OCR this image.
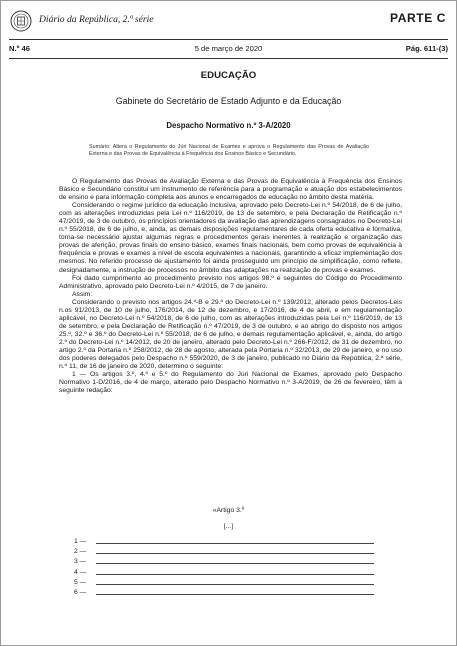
Diário da República, 2.ª série	PARTE C
N.º 46	5 de março de 2020	Pág. 611-(3)
EDUCAÇÃO
Gabinete do Secretário de Estado Adjunto e da Educação
Despacho Normativo n.º 3-A/2020
Sumário: Altera o Regulamento do Júri Nacional de Exames e aprova o Regulamento das Provas de Avaliação Externa e das Provas de Equivalência à Frequência dos Ensinos Básico e Secundário.

O Regulamento das Provas de Avaliação Externa e das Provas de Equivalência à Frequência dos Ensinos Básico e Secundário constitui um instrumento de referência para a programação e atuação dos estabelecimentos de ensino e para informação completa aos alunos e encarregados de educação no âmbito desta matéria.

Considerando o regime jurídico da educação inclusiva, aprovado pelo Decreto-Lei n.º 54/2018, de 6 de julho, com as alterações introduzidas pela Lei n.º 116/2019, de 13 de setembro, e pela Declaração de Retificação n.º 47/2019, de 3 de outubro, os princípios orientadores da avaliação das aprendizagens consagrados no Decreto-Lei n.º 55/2018, de 6 de julho, e, ainda, as demais disposições regulamentares de cada oferta educativa e formativa, torna-se necessário ajustar algumas regras e procedimentos gerais inerentes à realização e organização das provas de aferição, provas finais do ensino básico, exames finais nacionais, bem como provas de equivalência à frequência e provas e exames a nível de escola equivalentes a nacionais, garantindo a eficaz implementação dos mesmos. No referido processo de ajustamento foi ainda prosseguido um princípio de simplificação, como reflete, designadamente, a instrução de processos no âmbito das adaptações na realização de provas e exames.

Foi dado cumprimento ao procedimento previsto nos artigos 98.º e seguintes do Código do Procedimento Administrativo, aprovado pelo Decreto-Lei n.º 4/2015, de 7 de janeiro.

Assim:

Considerando o previsto nos artigos 24.º-B e 29.º do Decreto-Lei n.º 139/2012, alterado pelos Decretos-Leis n.os 91/2013, de 10 de julho, 176/2014, de 12 de dezembro, e 17/2016, de 4 de abril, e em regulamentação aplicável, no Decreto-Lei n.º 54/2018, de 6 de julho, com as alterações introduzidas pela Lei n.º 116/2019, de 13 de setembro, e pela Declaração de Retificação n.º 47/2019, de 3 de outubro, e ao abrigo do disposto nos artigos 25.º, 32.º e 36.º do Decreto-Lei n.º 55/2018, de 6 de julho, e demais regulamentação aplicável, e, ainda, do artigo 2.º do Decreto-Lei n.º 14/2012, de 20 de janeiro, alterado pelo Decreto-Lei n.º 266-F/2012, de 31 de dezembro, no artigo 2.º da Portaria n.º 258/2012, de 28 de agosto, alterada pela Portaria n.º 32/2013, de 29 de janeiro, e no uso dos poderes delegados pelo Despacho n.º 559/2020, de 3 de janeiro, publicado no Diário da República, 2.ª série, n.º 11, de 16 de janeiro de 2020, determino o seguinte:

1 — Os artigos 3.º, 4.º e 5.º do Regulamento do Júri Nacional de Exames, aprovado pelo Despacho Normativo 1-D/2016, de 4 de março, alterado pelo Despacho Normativo n.º 3-A/2019, de 26 de fevereiro, têm a seguinte redação:

«Artigo 3.º
[...]
1 —
2 —
3 —
4 —
5 —
6 —
